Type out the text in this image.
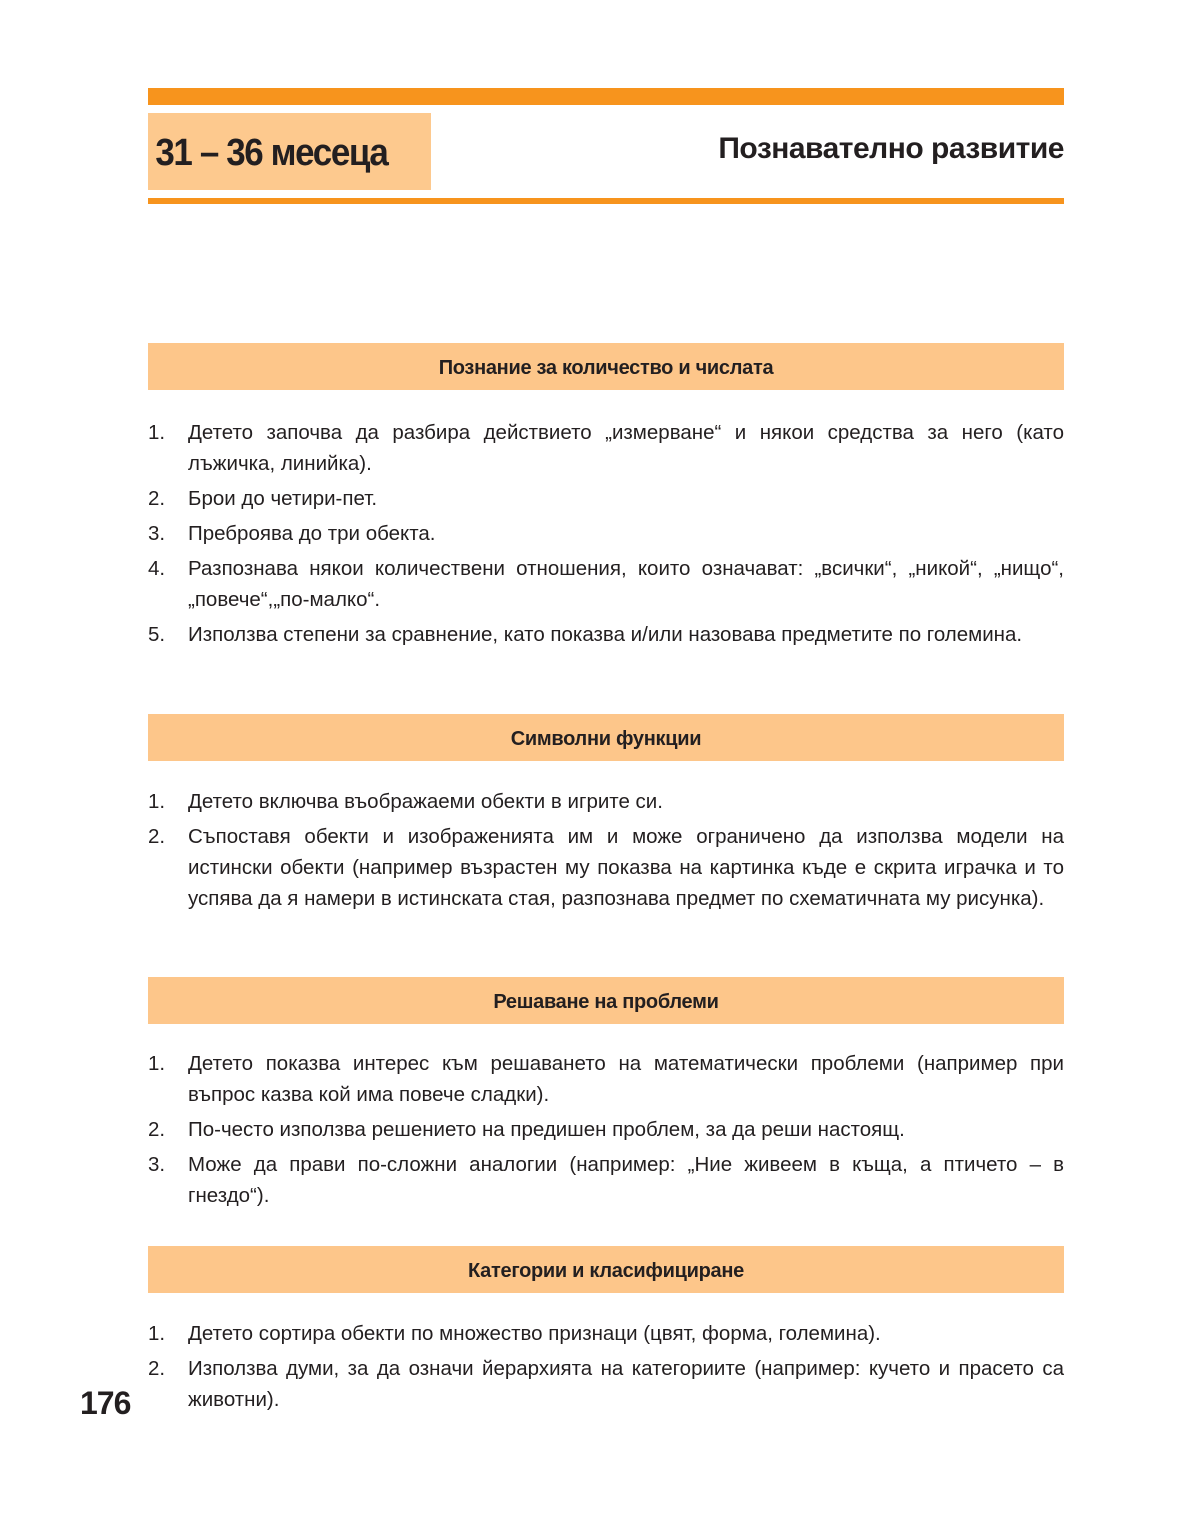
31 – 36 месеца	Познавателно развитие
Познание за количество и числата
1. Детето започва да разбира действието „измерване“ и някои средства за него (като лъжичка, линийка).
2. Брои до четири-пет.
3. Преброява до три обекта.
4. Разпознава някои количествени отношения, които означават: „всички“, „никой“, „нищо“,„повече“,„по-малко“.
5. Използва степени за сравнение, като показва и/или назовава предметите по големина.
Символни функции
1. Детето включва въображаеми обекти в игрите си.
2. Съпоставя обекти и изображенията им и може ограничено да използва модели на истински обекти (например възрастен му показва на картинка къде е скрита играчка и то успява да я намери в истинската стая, разпознава предмет по схематичната му рисунка).
Решаване на проблеми
1. Детето показва интерес към решаването на математически проблеми (например при въпрос казва кой има повече сладки).
2. По-често използва решението на предишен проблем, за да реши настоящ.
3. Може да прави по-сложни аналогии (например: „Ние живеем в къща, а птичето – в гнездо“).
Категории и класифициране
1. Детето сортира обекти по множество признаци (цвят, форма, големина).
2. Използва думи, за да означи йерархията на категориите (например: кучето и прасето са животни).
176
